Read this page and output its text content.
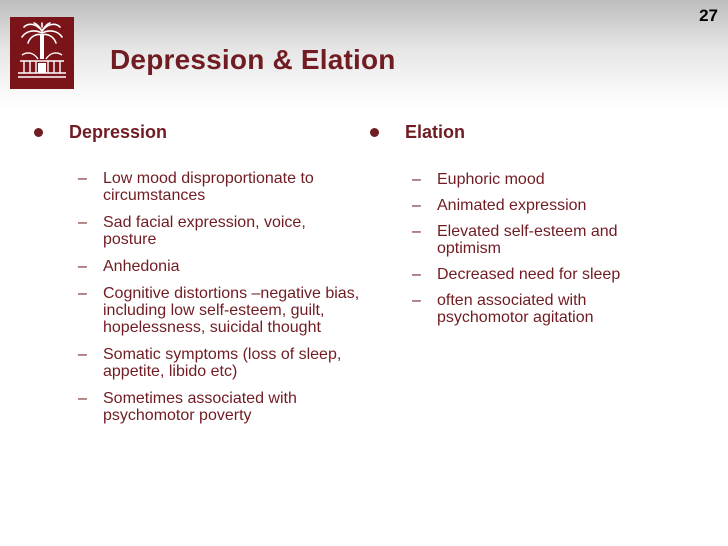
27
Depression & Elation
Depression
– Low mood disproportionate to circumstances
– Sad facial expression, voice, posture
– Anhedonia
– Cognitive distortions –negative bias, including low self-esteem, guilt, hopelessness, suicidal thought
– Somatic symptoms (loss of sleep, appetite, libido etc)
– Sometimes associated with psychomotor poverty
Elation
– Euphoric mood
– Animated expression
– Elevated self-esteem and optimism
– Decreased need for sleep
– often associated with psychomotor agitation
